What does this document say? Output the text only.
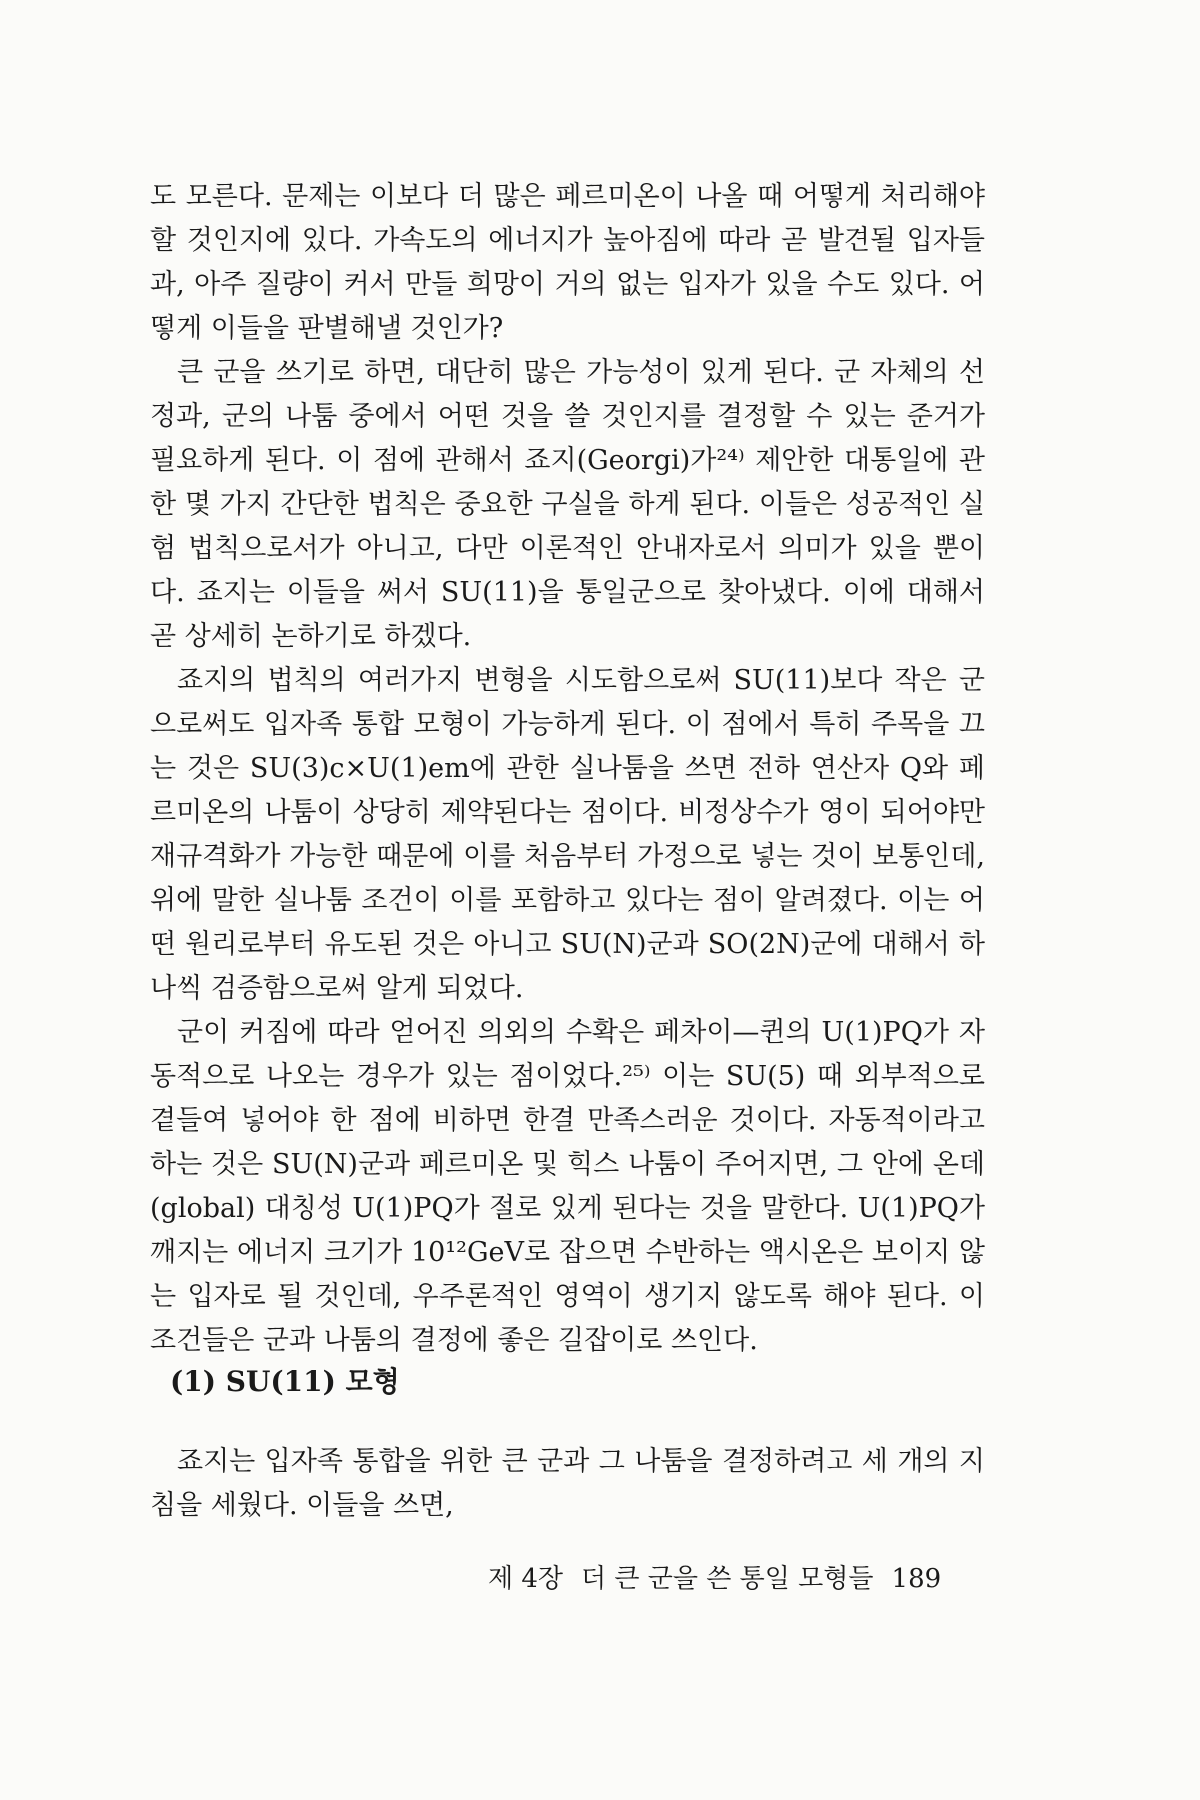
도 모른다. 문제는 이보다 더 많은 페르미온이 나올 때 어떻게 처리해야 할 것인지에 있다. 가속도의 에너지가 높아짐에 따라 곧 발견될 입자들과, 아주 질량이 커서 만들 희망이 거의 없는 입자가 있을 수도 있다. 어떻게 이들을 판별해낼 것인가?

큰 군을 쓰기로 하면, 대단히 많은 가능성이 있게 된다. 군 자체의 선정과, 군의 나툼 중에서 어떤 것을 쓸 것인지를 결정할 수 있는 준거가 필요하게 된다. 이 점에 관해서 죠지(Georgi)가²⁴⁾ 제안한 대통일에 관한 몇 가지 간단한 법칙은 중요한 구실을 하게 된다. 이들은 성공적인 실험 법칙으로서가 아니고, 다만 이론적인 안내자로서 의미가 있을 뿐이다. 죠지는 이들을 써서 SU(11)을 통일군으로 찾아냈다. 이에 대해서 곧 상세히 논하기로 하겠다.

죠지의 법칙의 여러가지 변형을 시도함으로써 SU(11)보다 작은 군으로써도 입자족 통합 모형이 가능하게 된다. 이 점에서 특히 주목을 끄는 것은 SU(3)c×U(1)em에 관한 실나툼을 쓰면 전하 연산자 Q와 페르미온의 나툼이 상당히 제약된다는 점이다. 비정상수가 영이 되어야만 재규격화가 가능한 때문에 이를 처음부터 가정으로 넣는 것이 보통인데, 위에 말한 실나툼 조건이 이를 포함하고 있다는 점이 알려졌다. 이는 어떤 원리로부터 유도된 것은 아니고 SU(N)군과 SO(2N)군에 대해서 하나씩 검증함으로써 알게 되었다.

군이 커짐에 따라 얻어진 의외의 수확은 페차이—퀸의 U(1)PQ가 자동적으로 나오는 경우가 있는 점이었다.²⁵⁾ 이는 SU(5) 때 외부적으로 곁들여 넣어야 한 점에 비하면 한결 만족스러운 것이다. 자동적이라고 하는 것은 SU(N)군과 페르미온 및 힉스 나툼이 주어지면, 그 안에 온데(global) 대칭성 U(1)PQ가 절로 있게 된다는 것을 말한다. U(1)PQ가 깨지는 에너지 크기가 10¹²GeV로 잡으면 수반하는 액시온은 보이지 않는 입자로 될 것인데, 우주론적인 영역이 생기지 않도록 해야 된다. 이 조건들은 군과 나툼의 결정에 좋은 길잡이로 쓰인다.

(1) SU(11) 모형

죠지는 입자족 통합을 위한 큰 군과 그 나툼을 결정하려고 세 개의 지침을 세웠다. 이들을 쓰면,

제 4장 더 큰 군을 쓴 통일 모형들 189
